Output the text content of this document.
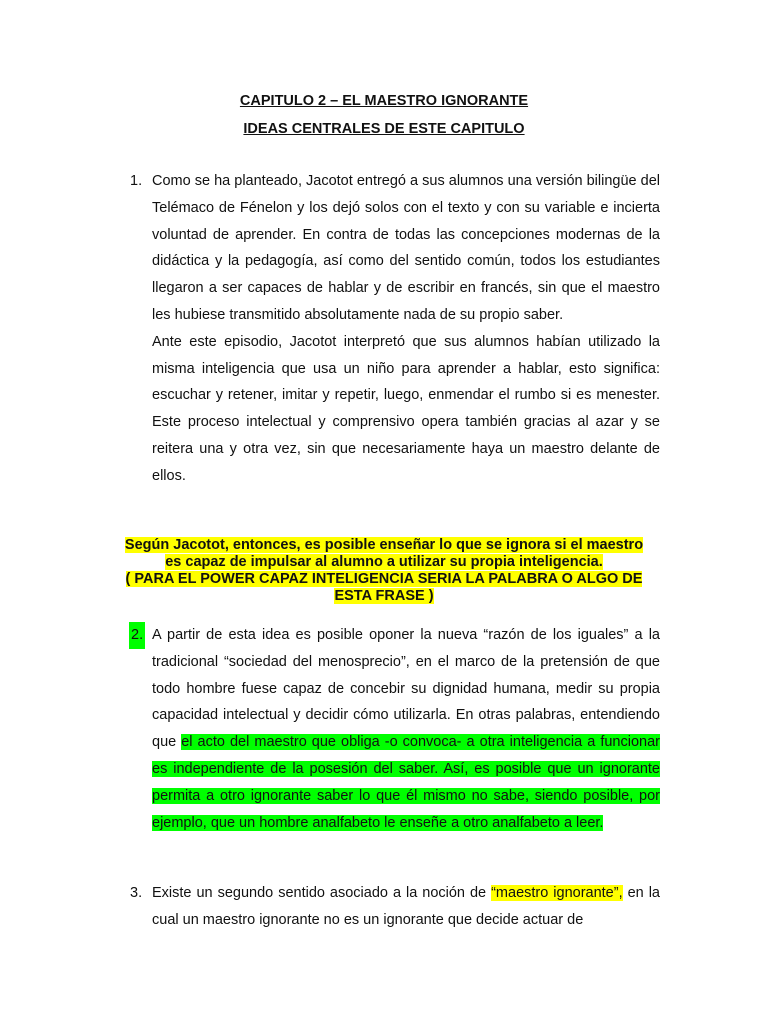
CAPITULO 2 – EL MAESTRO IGNORANTE
IDEAS CENTRALES DE ESTE CAPITULO
1. Como se ha planteado, Jacotot entregó a sus alumnos una versión bilingüe del Telémaco de Fénelon y los dejó solos con el texto y con su variable e incierta voluntad de aprender. En contra de todas las concepciones modernas de la didáctica y la pedagogía, así como del sentido común, todos los estudiantes llegaron a ser capaces de hablar y de escribir en francés, sin que el maestro les hubiese transmitido absolutamente nada de su propio saber.

Ante este episodio, Jacotot interpretó que sus alumnos habían utilizado la misma inteligencia que usa un niño para aprender a hablar, esto significa: escuchar y retener, imitar y repetir, luego, enmendar el rumbo si es menester. Este proceso intelectual y comprensivo opera también gracias al azar y se reitera una y otra vez, sin que necesariamente haya un maestro delante de ellos.

Según Jacotot, entonces, es posible enseñar lo que se ignora si el maestro
es capaz de impulsar al alumno a utilizar su propia inteligencia.
( PARA EL POWER CAPAZ INTELIGENCIA SERIA LA PALABRA O ALGO DE
ESTA FRASE )
2. A partir de esta idea es posible oponer la nueva “razón de los iguales” a la tradicional “sociedad del menosprecio”, en el marco de la pretensión de que todo hombre fuese capaz de concebir su dignidad humana, medir su propia capacidad intelectual y decidir cómo utilizarla. En otras palabras, entendiendo que el acto del maestro que obliga -o convoca- a otra inteligencia a funcionar es independiente de la posesión del saber. Así, es posible que un ignorante permita a otro ignorante saber lo que él mismo no sabe, siendo posible, por ejemplo, que un hombre analfabeto le enseñe a otro analfabeto a leer.

3. Existe un segundo sentido asociado a la noción de “maestro ignorante”, en la cual un maestro ignorante no es un ignorante que decide actuar de
